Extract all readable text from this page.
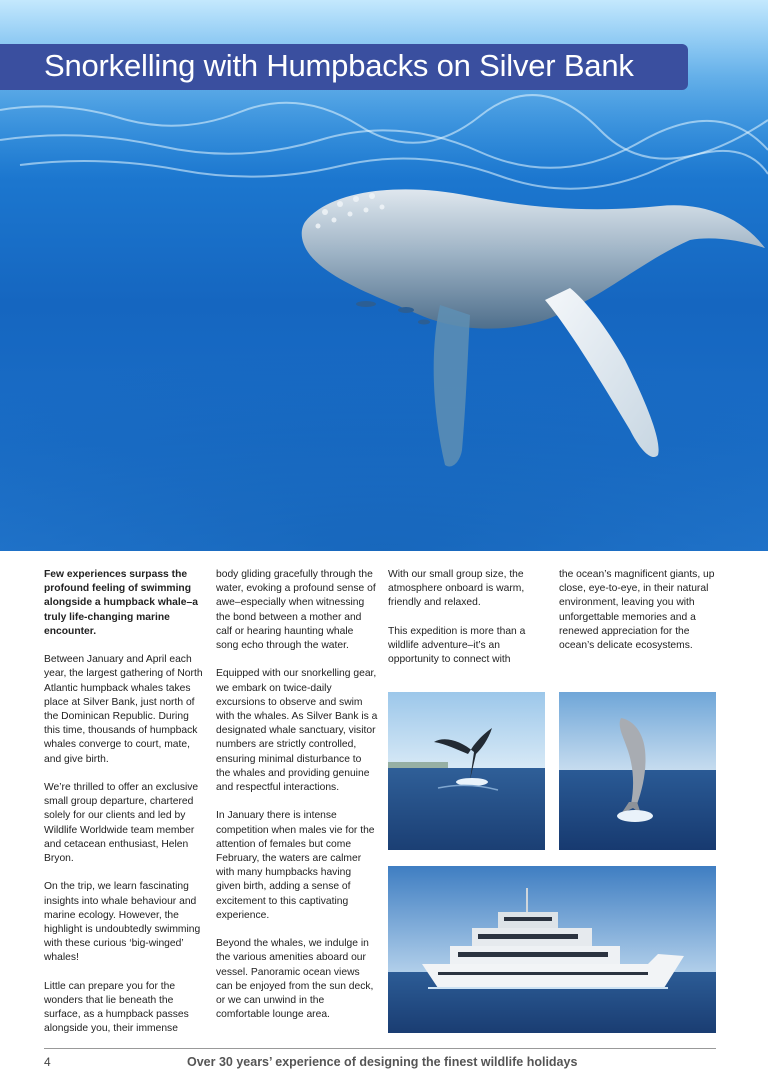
Snorkelling with Humpbacks on Silver Bank

Few experiences surpass the profound feeling of swimming alongside a humpback whale–a truly life-changing marine encounter.

Between January and April each year, the largest gathering of North Atlantic humpback whales takes place at Silver Bank, just north of the Dominican Republic. During this time, thousands of humpback whales converge to court, mate, and give birth.

We’re thrilled to offer an exclusive small group departure, chartered solely for our clients and led by Wildlife Worldwide team member and cetacean enthusiast, Helen Bryon.

On the trip, we learn fascinating insights into whale behaviour and marine ecology. However, the highlight is undoubtedly swimming with these curious ‘big-winged’ whales!

Little can prepare you for the wonders that lie beneath the surface, as a humpback passes alongside you, their immense

body gliding gracefully through the water, evoking a profound sense of awe–especially when witnessing the bond between a mother and calf or hearing haunting whale song echo through the water.

Equipped with our snorkelling gear, we embark on twice-daily excursions to observe and swim with the whales. As Silver Bank is a designated whale sanctuary, visitor numbers are strictly controlled, ensuring minimal disturbance to the whales and providing genuine and respectful interactions.

In January there is intense competition when males vie for the attention of females but come February, the waters are calmer with many humpbacks having given birth, adding a sense of excitement to this captivating experience.

Beyond the whales, we indulge in the various amenities aboard our vessel. Panoramic ocean views can be enjoyed from the sun deck, or we can unwind in the comfortable lounge area.

With our small group size, the atmosphere onboard is warm, friendly and relaxed.

This expedition is more than a wildlife adventure–it’s an opportunity to connect with

the ocean’s magnificent giants, up close, eye-to-eye, in their natural environment, leaving you with unforgettable memories and a renewed appreciation for the ocean’s delicate ecosystems.

4	Over 30 years’ experience of designing the finest wildlife holidays
